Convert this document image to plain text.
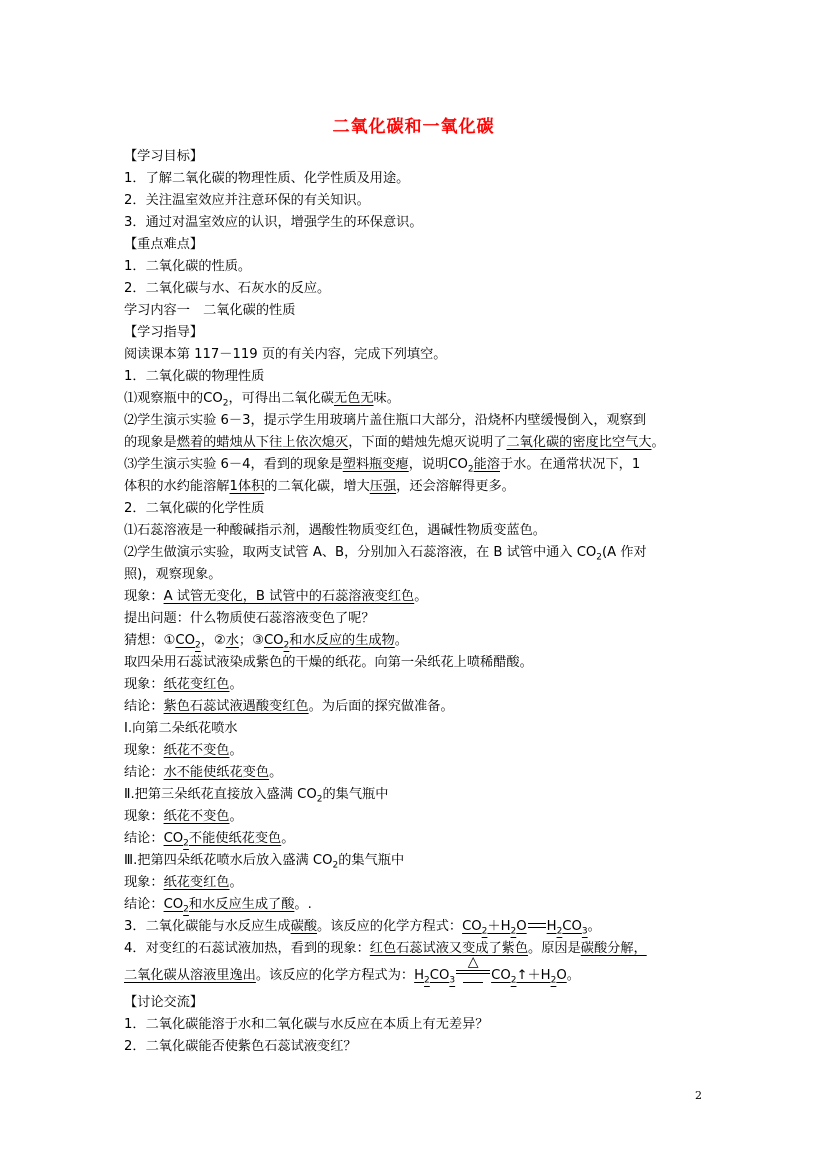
二氧化碳和一氧化碳
【学习目标】
1．了解二氧化碳的物理性质、化学性质及用途。
2．关注温室效应并注意环保的有关知识。
3．通过对温室效应的认识，增强学生的环保意识。
【重点难点】
1．二氧化碳的性质。
2．二氧化碳与水、石灰水的反应。
学习内容一　二氧化碳的性质
【学习指导】
阅读课本第 117－119 页的有关内容，完成下列填空。
1．二氧化碳的物理性质
⑴观察瓶中的$CO_2$，可得出二氧化碳无色无味。
⑵学生演示实验 6－3，提示学生用玻璃片盖住瓶口大部分，沿烧杯内壁缓慢倒入，观察到
的现象是燃着的蜡烛从下往上依次熄灭，下面的蜡烛先熄灭说明了二氧化碳的密度比空气大。
⑶学生演示实验 6－4，看到的现象是塑料瓶变瘪，说明$CO_2$能溶于水。在通常状况下，1
体积的水约能溶解1体积的二氧化碳，增大压强，还会溶解得更多。
2．二氧化碳的化学性质
⑴石蕊溶液是一种酸碱指示剂，遇酸性物质变红色，遇碱性物质变蓝色。
⑵学生做演示实验，取两支试管 A、B，分别加入石蕊溶液，在 B 试管中通入 $CO_2(A$ 作对
照)，观察现象。
现象：A 试管无变化，B 试管中的石蕊溶液变红色。
提出问题：什么物质使石蕊溶液变色了呢？
猜想：$①CO_2$，②水；$③CO_2$和水反应的生成物。
取四朵用石蕊试液染成紫色的干燥的纸花。向第一朵纸花上喷稀醋酸。
现象：纸花变红色。
结论：紫色石蕊试液遇酸变红色。为后面的探究做准备。
Ⅰ.向第二朵纸花喷水
现象：纸花不变色。
结论：水不能使纸花变色。
Ⅱ.把第三朵纸花直接放入盛满 $CO_2$的集气瓶中
现象：纸花不变色。
结论：$CO_2$不能使纸花变色。
Ⅲ.把第四朵纸花喷水后放入盛满 $CO_2$的集气瓶中
现象：纸花变红色。
结论：$CO_2$和水反应生成了酸。.
3．二氧化碳能与水反应生成碳酸。该反应的化学方程式：$CO_2+H_2O$ $H_2CO_3$。
4．对变红的石蕊试液加热，看到的现象：红色石蕊试液又变成了紫色。原因是碳酸分解，
二氧化碳从溶液里逸出。该反应的化学方程式为：$H_2CO_3$
△
$CO_2↑+H_2O$。
【讨论交流】
1．二氧化碳能溶于水和二氧化碳与水反应在本质上有无差异？
2．二氧化碳能否使紫色石蕊试液变红？
2
